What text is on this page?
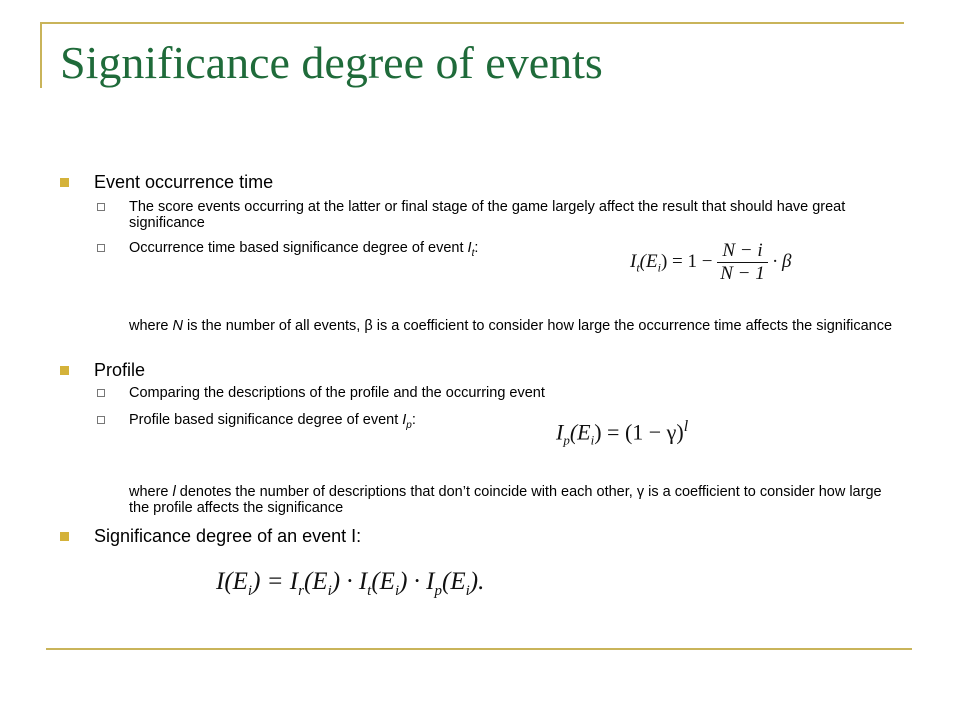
Significance degree of events
Event occurrence time
The score events occurring at the latter or final stage of the game largely affect the result that should have great significance
Occurrence time based significance degree of event $I_t$:
$I_t(E_i) = 1 - \frac{N - i}{N - 1} \cdot \beta$
where N is the number of all events, β is a coefficient to consider how large the occurrence time affects the significance
Profile
Comparing the descriptions of the profile and the occurring event
Profile based significance degree of event $I_p$:	$I_p(E_i) = (1 - \gamma)^l$
where l denotes the number of descriptions that don’t coincide with each other, γ is a coefficient to consider how large the profile affects the significance
Significance degree of an event I:
$I(E_i) = I_r(E_i) \cdot I_t(E_i) \cdot I_p(E_i)$.
